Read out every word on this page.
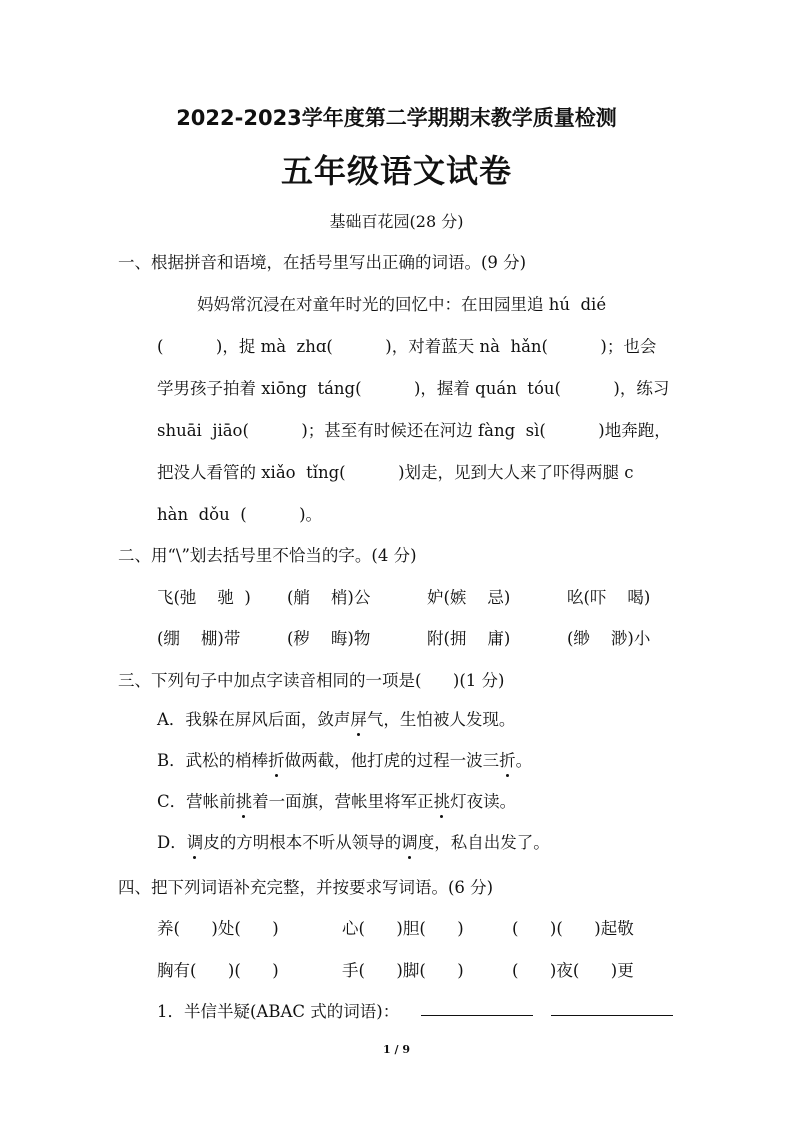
2022-2023学年度第二学期期末教学质量检测
五年级语文试卷
基础百花园(28 分)
一、根据拼音和语境，在括号里写出正确的词语。(9 分)
妈妈常沉浸在对童年时光的回忆中：在田园里追 hú  dié
(          )，捉 mà  zhɑ(          )，对着蓝天 nà  hǎn(          )；也会
学男孩子拍着 xiōng  táng(          )，握着 quán  tóu(          )，练习
shuāi  jiāo(          )；甚至有时候还在河边 fàng  sì(          )地奔跑，
把没人看管的 xiǎo  tǐng(          )划走，见到大人来了吓得两腿 c
hàn  dǒu  (          )。
二、用“\”划去括号里不恰当的字。(4 分)
飞(弛    驰  ) (艄    梢)公	妒(嫉    忌)	吆(吓    喝)
(绷    棚)带	(秽    晦)物	附(拥    庸)	(缈    渺)小
三、下列句子中加点字读音相同的一项是(      )(1 分)
A．我躲在屏风后面，敛声屏气，生怕被人发现。
B．武松的梢棒折做两截，他打虎的过程一波三折。
C．营帐前挑着一面旗，营帐里将军正挑灯夜读。
D．调皮的方明根本不听从领导的调度，私自出发了。
四、把下列词语补充完整，并按要求写词语。(6 分)
养(      )处(      )	心(      )胆(      )	(      )(      )起敬
胸有(      )(      )	手(      )脚(      )	(      )夜(      )更
1．半信半疑(ABAC 式的词语)：
1 / 9
